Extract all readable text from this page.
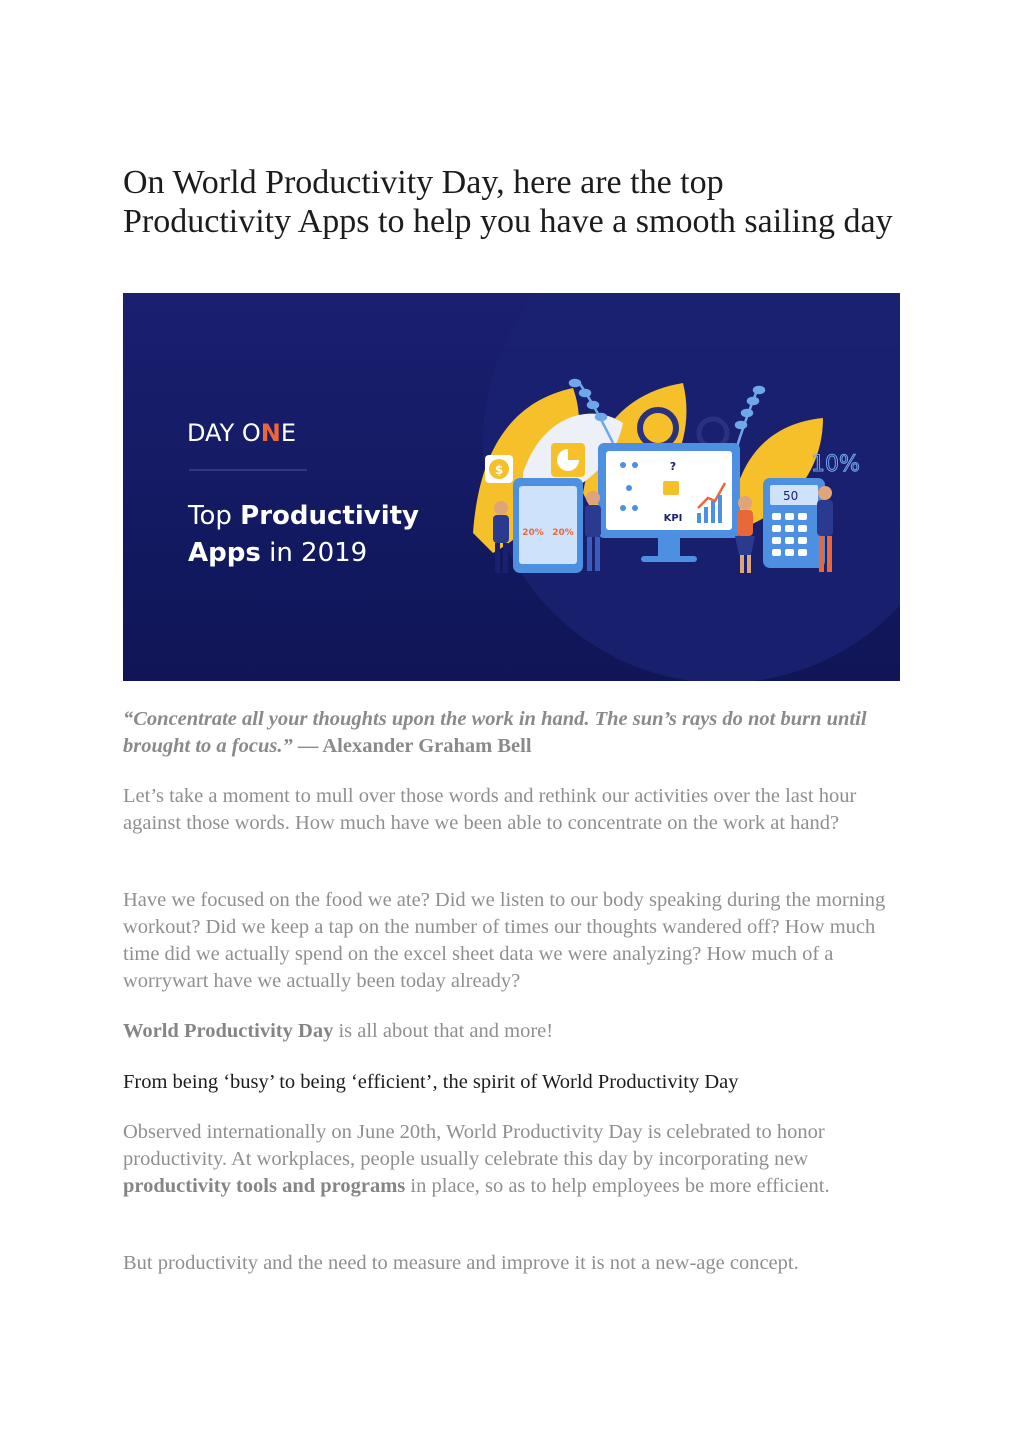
On World Productivity Day, here are the top Productivity Apps to help you have a smooth sailing day
DAY ONE
Top Productivity
Apps in 2019
$
20% 20%
?
KPI
10%
50
“Concentrate all your thoughts upon the work in hand. The sun’s rays do not burn until brought to a focus.” — Alexander Graham Bell

Let’s take a moment to mull over those words and rethink our activities over the last hour against those words. How much have we been able to concentrate on the work at hand?

Have we focused on the food we ate? Did we listen to our body speaking during the morning workout? Did we keep a tap on the number of times our thoughts wandered off? How much time did we actually spend on the excel sheet data we were analyzing? How much of a worrywart have we actually been today already?

World Productivity Day is all about that and more!

From being ‘busy’ to being ‘efficient’, the spirit of World Productivity Day

Observed internationally on June 20th, World Productivity Day is celebrated to honor productivity. At workplaces, people usually celebrate this day by incorporating new productivity tools and programs in place, so as to help employees be more efficient.

But productivity and the need to measure and improve it is not a new-age concept.
